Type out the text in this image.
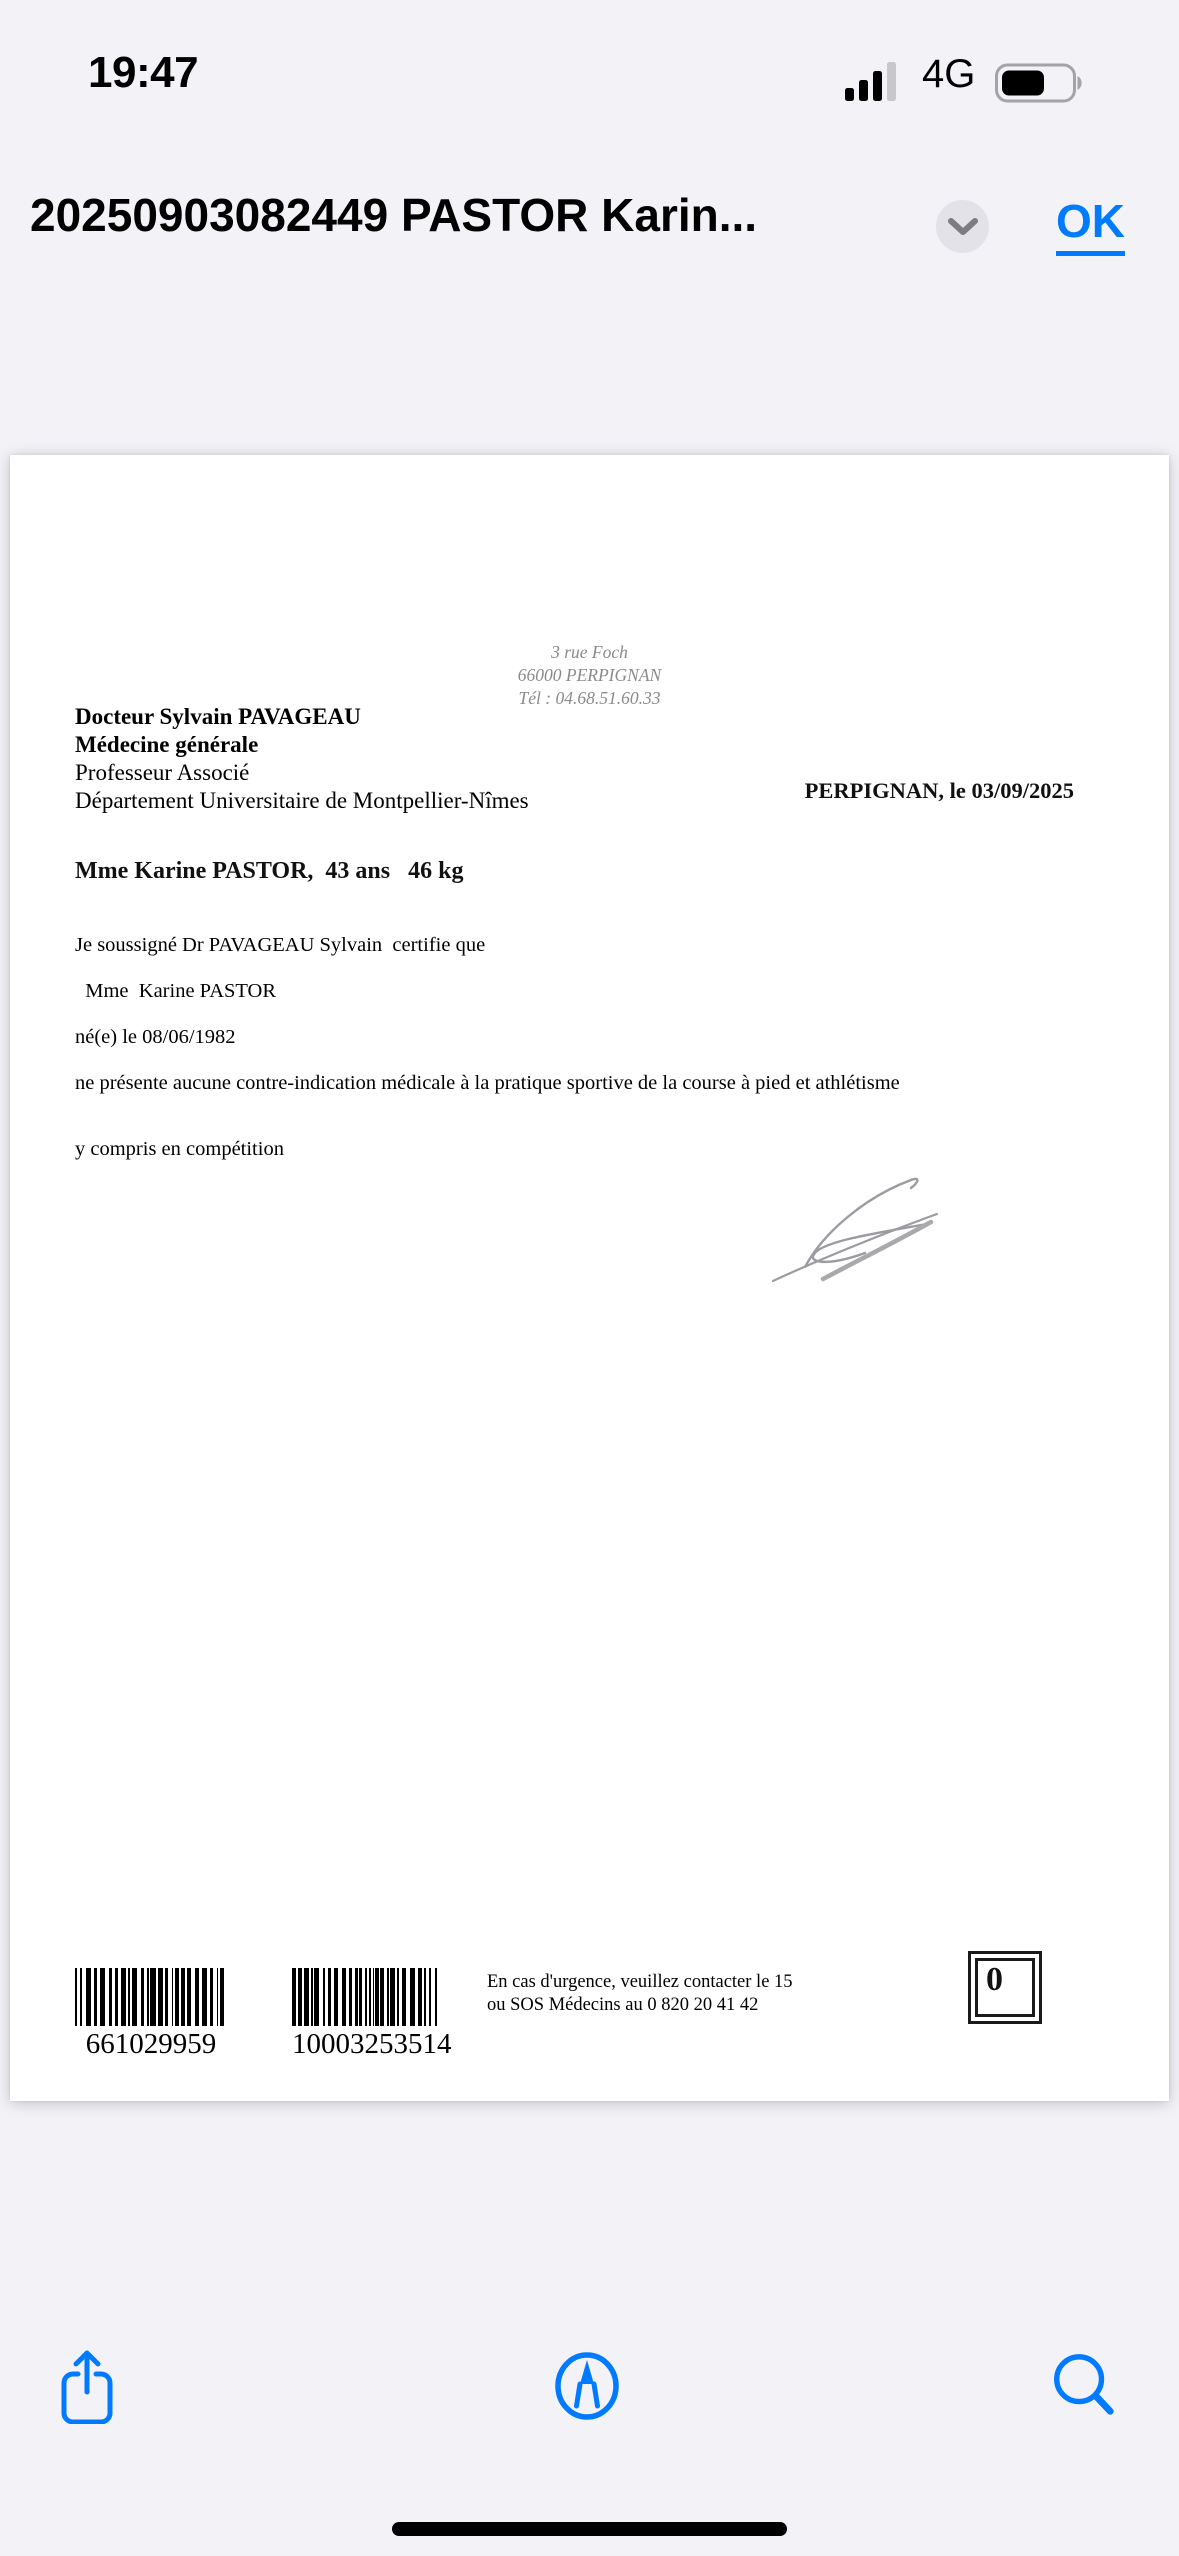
19:47	4G
20250903082449 PASTOR Karin...	OK
3 rue Foch
66000 PERPIGNAN
Tél : 04.68.51.60.33
Docteur Sylvain PAVAGEAU
Médecine générale
Professeur Associé
Département Universitaire de Montpellier-Nîmes	PERPIGNAN, le 03/09/2025
Mme Karine PASTOR,  43 ans   46 kg
Je soussigné Dr PAVAGEAU Sylvain  certifie que
Mme  Karine PASTOR
né(e) le 08/06/1982
ne présente aucune contre-indication médicale à la pratique sportive de la course à pied et athlétisme
y compris en compétition
661029959	10003253514
En cas d'urgence, veuillez contacter le 15
ou SOS Médecins au 0 820 20 41 42
0
